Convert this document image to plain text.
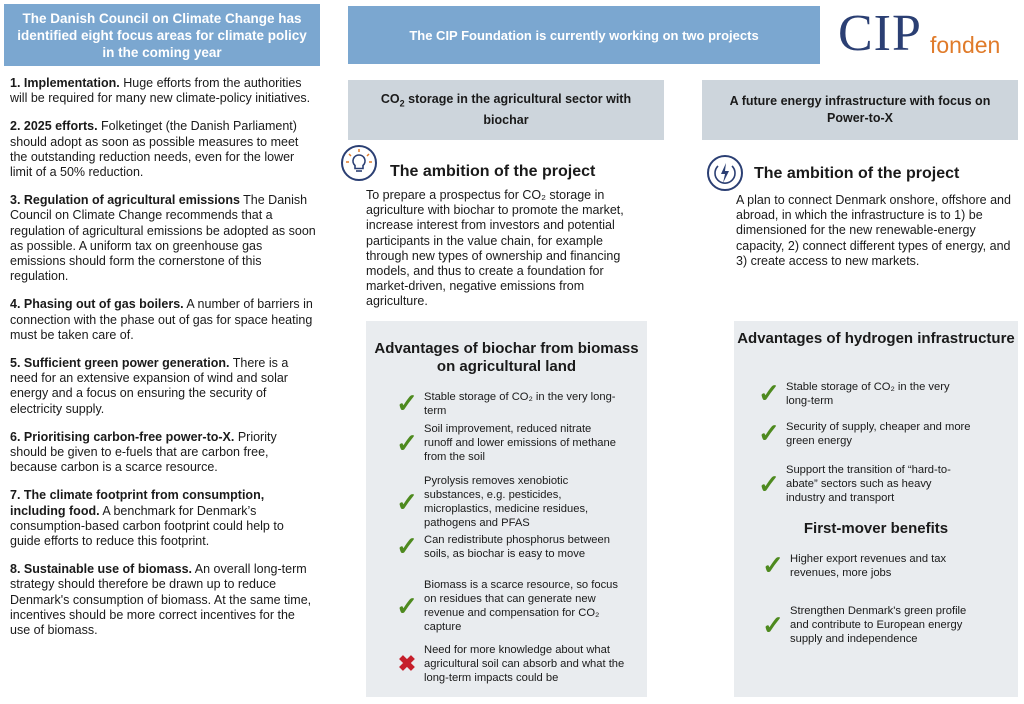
The Danish Council on Climate Change has identified eight focus areas for climate policy in the coming year

1. Implementation. Huge efforts from the authorities will be required for many new climate-policy initiatives.

2. 2025 efforts. Folketinget (the Danish Parliament) should adopt as soon as possible measures to meet the outstanding reduction needs, even for the lower limit of a 50% reduction.

3. Regulation of agricultural emissions The Danish Council on Climate Change recommends that a regulation of agricultural emissions be adopted as soon as possible. A uniform tax on greenhouse gas emissions should form the cornerstone of this regulation.

4. Phasing out of gas boilers. A number of barriers in connection with the phase out of gas for space heating must be taken care of.

5. Sufficient green power generation. There is a need for an extensive expansion of wind and solar energy and a focus on ensuring the security of electricity supply.

6. Prioritising carbon-free power-to-X. Priority should be given to e-fuels that are carbon free, because carbon is a scarce resource.

7. The climate footprint from consumption, including food. A benchmark for Denmark’s consumption-based carbon footprint could help to guide efforts to reduce this footprint.

8. Sustainable use of biomass. An overall long-term strategy should therefore be drawn up to reduce Denmark's consumption of biomass. At the same time, incentives should be more correct incentives for the use of biomass.

The CIP Foundation is currently working on two projects	CIP fonden
$CO_2$ storage in the agricultural sector with biochar
A future energy infrastructure with focus on Power-to-X
The ambition of the project	The ambition of the project
To prepare a prospectus for CO₂ storage in agriculture with biochar to promote the market, increase interest from investors and potential participants in the value chain, for example through new types of ownership and financing models, and thus to create a foundation for market-driven, negative emissions from agriculture.
A plan to connect Denmark onshore, offshore and abroad, in which the infrastructure is to 1) be dimensioned for the new renewable-energy capacity, 2) connect different types of energy, and 3) create access to new markets.
Advantages of biochar from biomass on agricultural land
Advantages of hydrogen infrastructure
✓ Stable storage of CO₂ in the very long-term
✓ Soil improvement, reduced nitrate runoff and lower emissions of methane from the soil
✓
Pyrolysis removes xenobiotic substances, e.g. pesticides, microplastics, medicine residues, pathogens and PFAS
✓ Can redistribute phosphorus between soils, as biochar is easy to move
✓
Biomass is a scarce resource, so focus on residues that can generate new revenue and compensation for CO₂ capture
✖
Need for more knowledge about what agricultural soil can absorb and what the long-term impacts could be
✓ Stable storage of CO₂ in the very long-term
✓ Security of supply, cheaper and more green energy
✓ Support the transition of “hard-to-abate” sectors such as heavy industry and transport
First-mover benefits
✓ Higher export revenues and tax revenues, more jobs
✓ Strengthen Denmark's green profile and contribute to European energy supply and independence
